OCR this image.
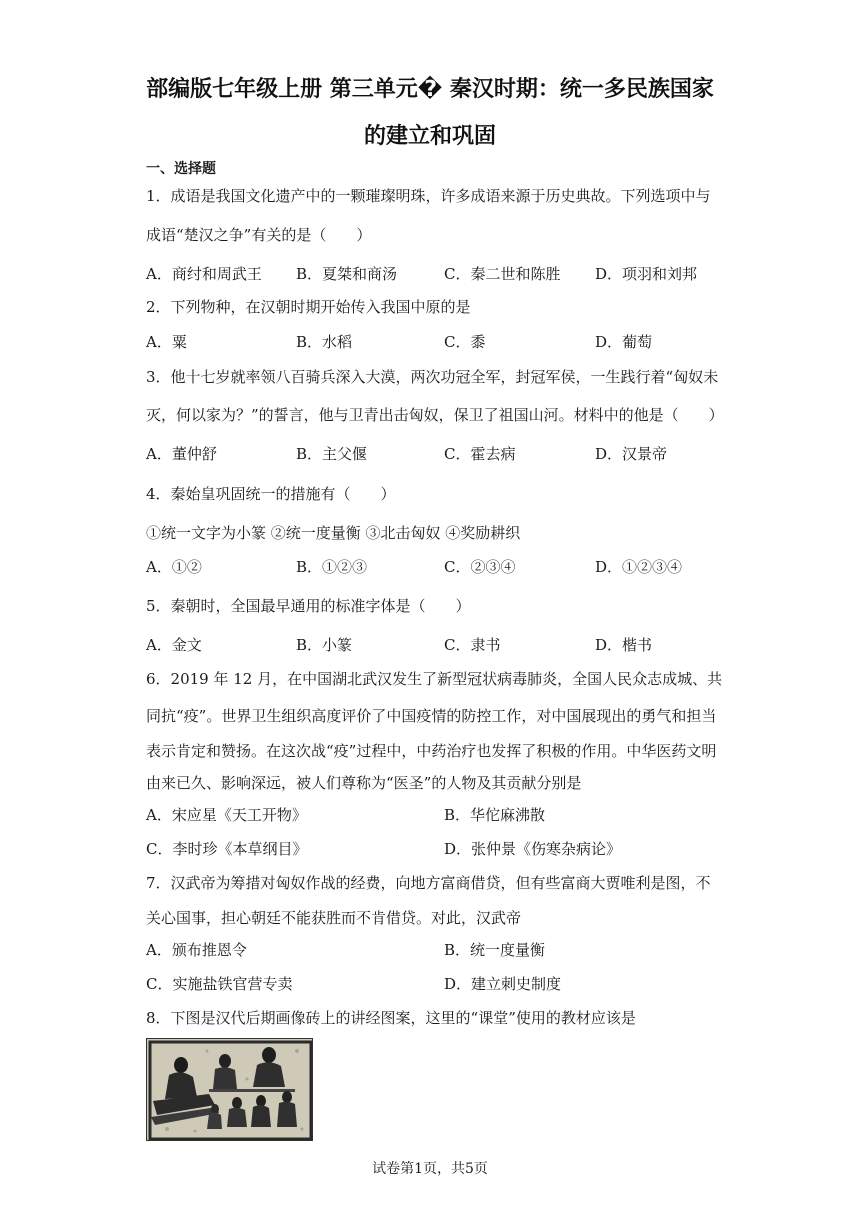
部编版七年级上册 第三单元� 秦汉时期：统一多民族国家
的建立和巩固
一、选择题
1．成语是我国文化遗产中的一颗璀璨明珠，许多成语来源于历史典故。下列选项中与
成语“楚汉之争”有关的是（　　）
A．商纣和周武王 B．夏桀和商汤	C．秦二世和陈胜 D．项羽和刘邦
2．下列物种，在汉朝时期开始传入我国中原的是
A．粟	B．水稻	C．黍	D．葡萄
3．他十七岁就率领八百骑兵深入大漠，两次功冠全军，封冠军侯，一生践行着“匈奴未
灭，何以家为？”的誓言，他与卫青出击匈奴，保卫了祖国山河。材料中的他是（　　）
A．董仲舒	B．主父偃	C．霍去病	D．汉景帝
4．秦始皇巩固统一的措施有（　　）
①统一文字为小篆 ②统一度量衡 ③北击匈奴 ④奖励耕织
A．①②	B．①②③	C．②③④	D．①②③④
5．秦朝时，全国最早通用的标准字体是（　　）
A．金文	B．小篆	C．隶书	D．楷书
6．2019 年 12 月，在中国湖北武汉发生了新型冠状病毒肺炎，全国人民众志成城、共
同抗“疫”。世界卫生组织高度评价了中国疫情的防控工作，对中国展现出的勇气和担当
表示肯定和赞扬。在这次战“疫”过程中，中药治疗也发挥了积极的作用。中华医药文明
由来已久、影响深远，被人们尊称为“医圣”的人物及其贡献分别是
A．宋应星《天工开物》	B．华佗麻沸散
C．李时珍《本草纲目》	D．张仲景《伤寒杂病论》
7．汉武帝为筹措对匈奴作战的经费，向地方富商借贷，但有些富商大贾唯利是图，不
关心国事，担心朝廷不能获胜而不肯借贷。对此，汉武帝
A．颁布推恩令	B．统一度量衡
C．实施盐铁官营专卖	D．建立刺史制度
8．下图是汉代后期画像砖上的讲经图案，这里的“课堂”使用的教材应该是
试卷第1页，共5页
